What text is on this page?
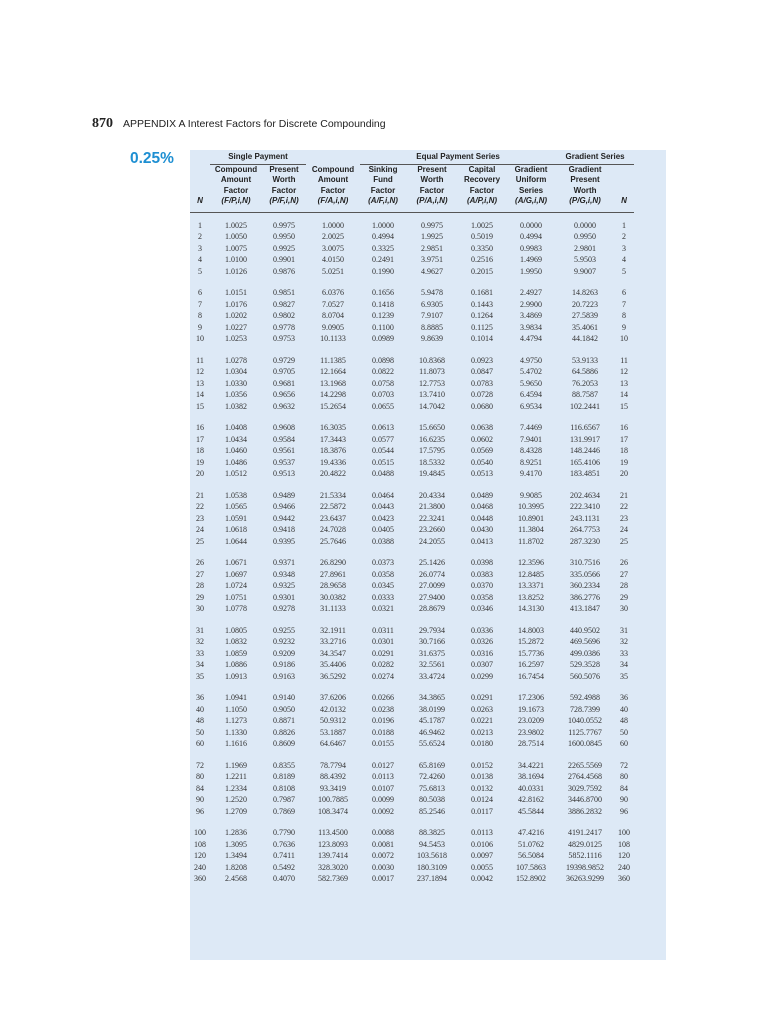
870 APPENDIX A Interest Factors for Discrete Compounding
0.25%
		Single Payment			Equal Payment Series				Gradient Series		
	Compound	Present	Compound	Sinking	Present	Capital	Gradient	Gradient		
	Amount	Worth	Amount	Fund	Worth	Recovery	Uniform	Present		
	Factor	Factor	Factor	Factor	Factor	Factor	Series	Worth		
N	(F/P,i,N)	(P/F,i,N)	(F/A,i,N)	(A/F,i,N)	(P/A,i,N)	(A/P,i,N)	(A/G,i,N)	(P/G,i,N)	N	
1	1.0025	0.9975	1.0000	1.0000	0.9975	1.0025	0.0000	0.0000	1	
2	1.0050	0.9950	2.0025	0.4994	1.9925	0.5019	0.4994	0.9950	2	
3	1.0075	0.9925	3.0075	0.3325	2.9851	0.3350	0.9983	2.9801	3	
4	1.0100	0.9901	4.0150	0.2491	3.9751	0.2516	1.4969	5.9503	4	
5	1.0126	0.9876	5.0251	0.1990	4.9627	0.2015	1.9950	9.9007	5	
6	1.0151	0.9851	6.0376	0.1656	5.9478	0.1681	2.4927	14.8263	6	
7	1.0176	0.9827	7.0527	0.1418	6.9305	0.1443	2.9900	20.7223	7	
8	1.0202	0.9802	8.0704	0.1239	7.9107	0.1264	3.4869	27.5839	8	
9	1.0227	0.9778	9.0905	0.1100	8.8885	0.1125	3.9834	35.4061	9	
10	1.0253	0.9753	10.1133	0.0989	9.8639	0.1014	4.4794	44.1842	10	
11	1.0278	0.9729	11.1385	0.0898	10.8368	0.0923	4.9750	53.9133	11	
12	1.0304	0.9705	12.1664	0.0822	11.8073	0.0847	5.4702	64.5886	12	
13	1.0330	0.9681	13.1968	0.0758	12.7753	0.0783	5.9650	76.2053	13	
14	1.0356	0.9656	14.2298	0.0703	13.7410	0.0728	6.4594	88.7587	14	
15	1.0382	0.9632	15.2654	0.0655	14.7042	0.0680	6.9534	102.2441	15	
16	1.0408	0.9608	16.3035	0.0613	15.6650	0.0638	7.4469	116.6567	16	
17	1.0434	0.9584	17.3443	0.0577	16.6235	0.0602	7.9401	131.9917	17	
18	1.0460	0.9561	18.3876	0.0544	17.5795	0.0569	8.4328	148.2446	18	
19	1.0486	0.9537	19.4336	0.0515	18.5332	0.0540	8.9251	165.4106	19	
20	1.0512	0.9513	20.4822	0.0488	19.4845	0.0513	9.4170	183.4851	20	
21	1.0538	0.9489	21.5334	0.0464	20.4334	0.0489	9.9085	202.4634	21	
22	1.0565	0.9466	22.5872	0.0443	21.3800	0.0468	10.3995	222.3410	22	
23	1.0591	0.9442	23.6437	0.0423	22.3241	0.0448	10.8901	243.1131	23	
24	1.0618	0.9418	24.7028	0.0405	23.2660	0.0430	11.3804	264.7753	24	
25	1.0644	0.9395	25.7646	0.0388	24.2055	0.0413	11.8702	287.3230	25	
26	1.0671	0.9371	26.8290	0.0373	25.1426	0.0398	12.3596	310.7516	26	
27	1.0697	0.9348	27.8961	0.0358	26.0774	0.0383	12.8485	335.0566	27	
28	1.0724	0.9325	28.9658	0.0345	27.0099	0.0370	13.3371	360.2334	28	
29	1.0751	0.9301	30.0382	0.0333	27.9400	0.0358	13.8252	386.2776	29	
30	1.0778	0.9278	31.1133	0.0321	28.8679	0.0346	14.3130	413.1847	30	
31	1.0805	0.9255	32.1911	0.0311	29.7934	0.0336	14.8003	440.9502	31	
32	1.0832	0.9232	33.2716	0.0301	30.7166	0.0326	15.2872	469.5696	32	
33	1.0859	0.9209	34.3547	0.0291	31.6375	0.0316	15.7736	499.0386	33	
34	1.0886	0.9186	35.4406	0.0282	32.5561	0.0307	16.2597	529.3528	34	
35	1.0913	0.9163	36.5292	0.0274	33.4724	0.0299	16.7454	560.5076	35	
36	1.0941	0.9140	37.6206	0.0266	34.3865	0.0291	17.2306	592.4988	36	
40	1.1050	0.9050	42.0132	0.0238	38.0199	0.0263	19.1673	728.7399	40	
48	1.1273	0.8871	50.9312	0.0196	45.1787	0.0221	23.0209	1040.0552	48	
50	1.1330	0.8826	53.1887	0.0188	46.9462	0.0213	23.9802	1125.7767	50	
60	1.1616	0.8609	64.6467	0.0155	55.6524	0.0180	28.7514	1600.0845	60	
72	1.1969	0.8355	78.7794	0.0127	65.8169	0.0152	34.4221	2265.5569	72	
80	1.2211	0.8189	88.4392	0.0113	72.4260	0.0138	38.1694	2764.4568	80	
84	1.2334	0.8108	93.3419	0.0107	75.6813	0.0132	40.0331	3029.7592	84	
90	1.2520	0.7987	100.7885	0.0099	80.5038	0.0124	42.8162	3446.8700	90	
96	1.2709	0.7869	108.3474	0.0092	85.2546	0.0117	45.5844	3886.2832	96	
100	1.2836	0.7790	113.4500	0.0088	88.3825	0.0113	47.4216	4191.2417	100	
108	1.3095	0.7636	123.8093	0.0081	94.5453	0.0106	51.0762	4829.0125	108	
120	1.3494	0.7411	139.7414	0.0072	103.5618	0.0097	56.5084	5852.1116	120	
240	1.8208	0.5492	328.3020	0.0030	180.3109	0.0055	107.5863	19398.9852	240	
360	2.4568	0.4070	582.7369	0.0017	237.1894	0.0042	152.8902	36263.9299	360	
